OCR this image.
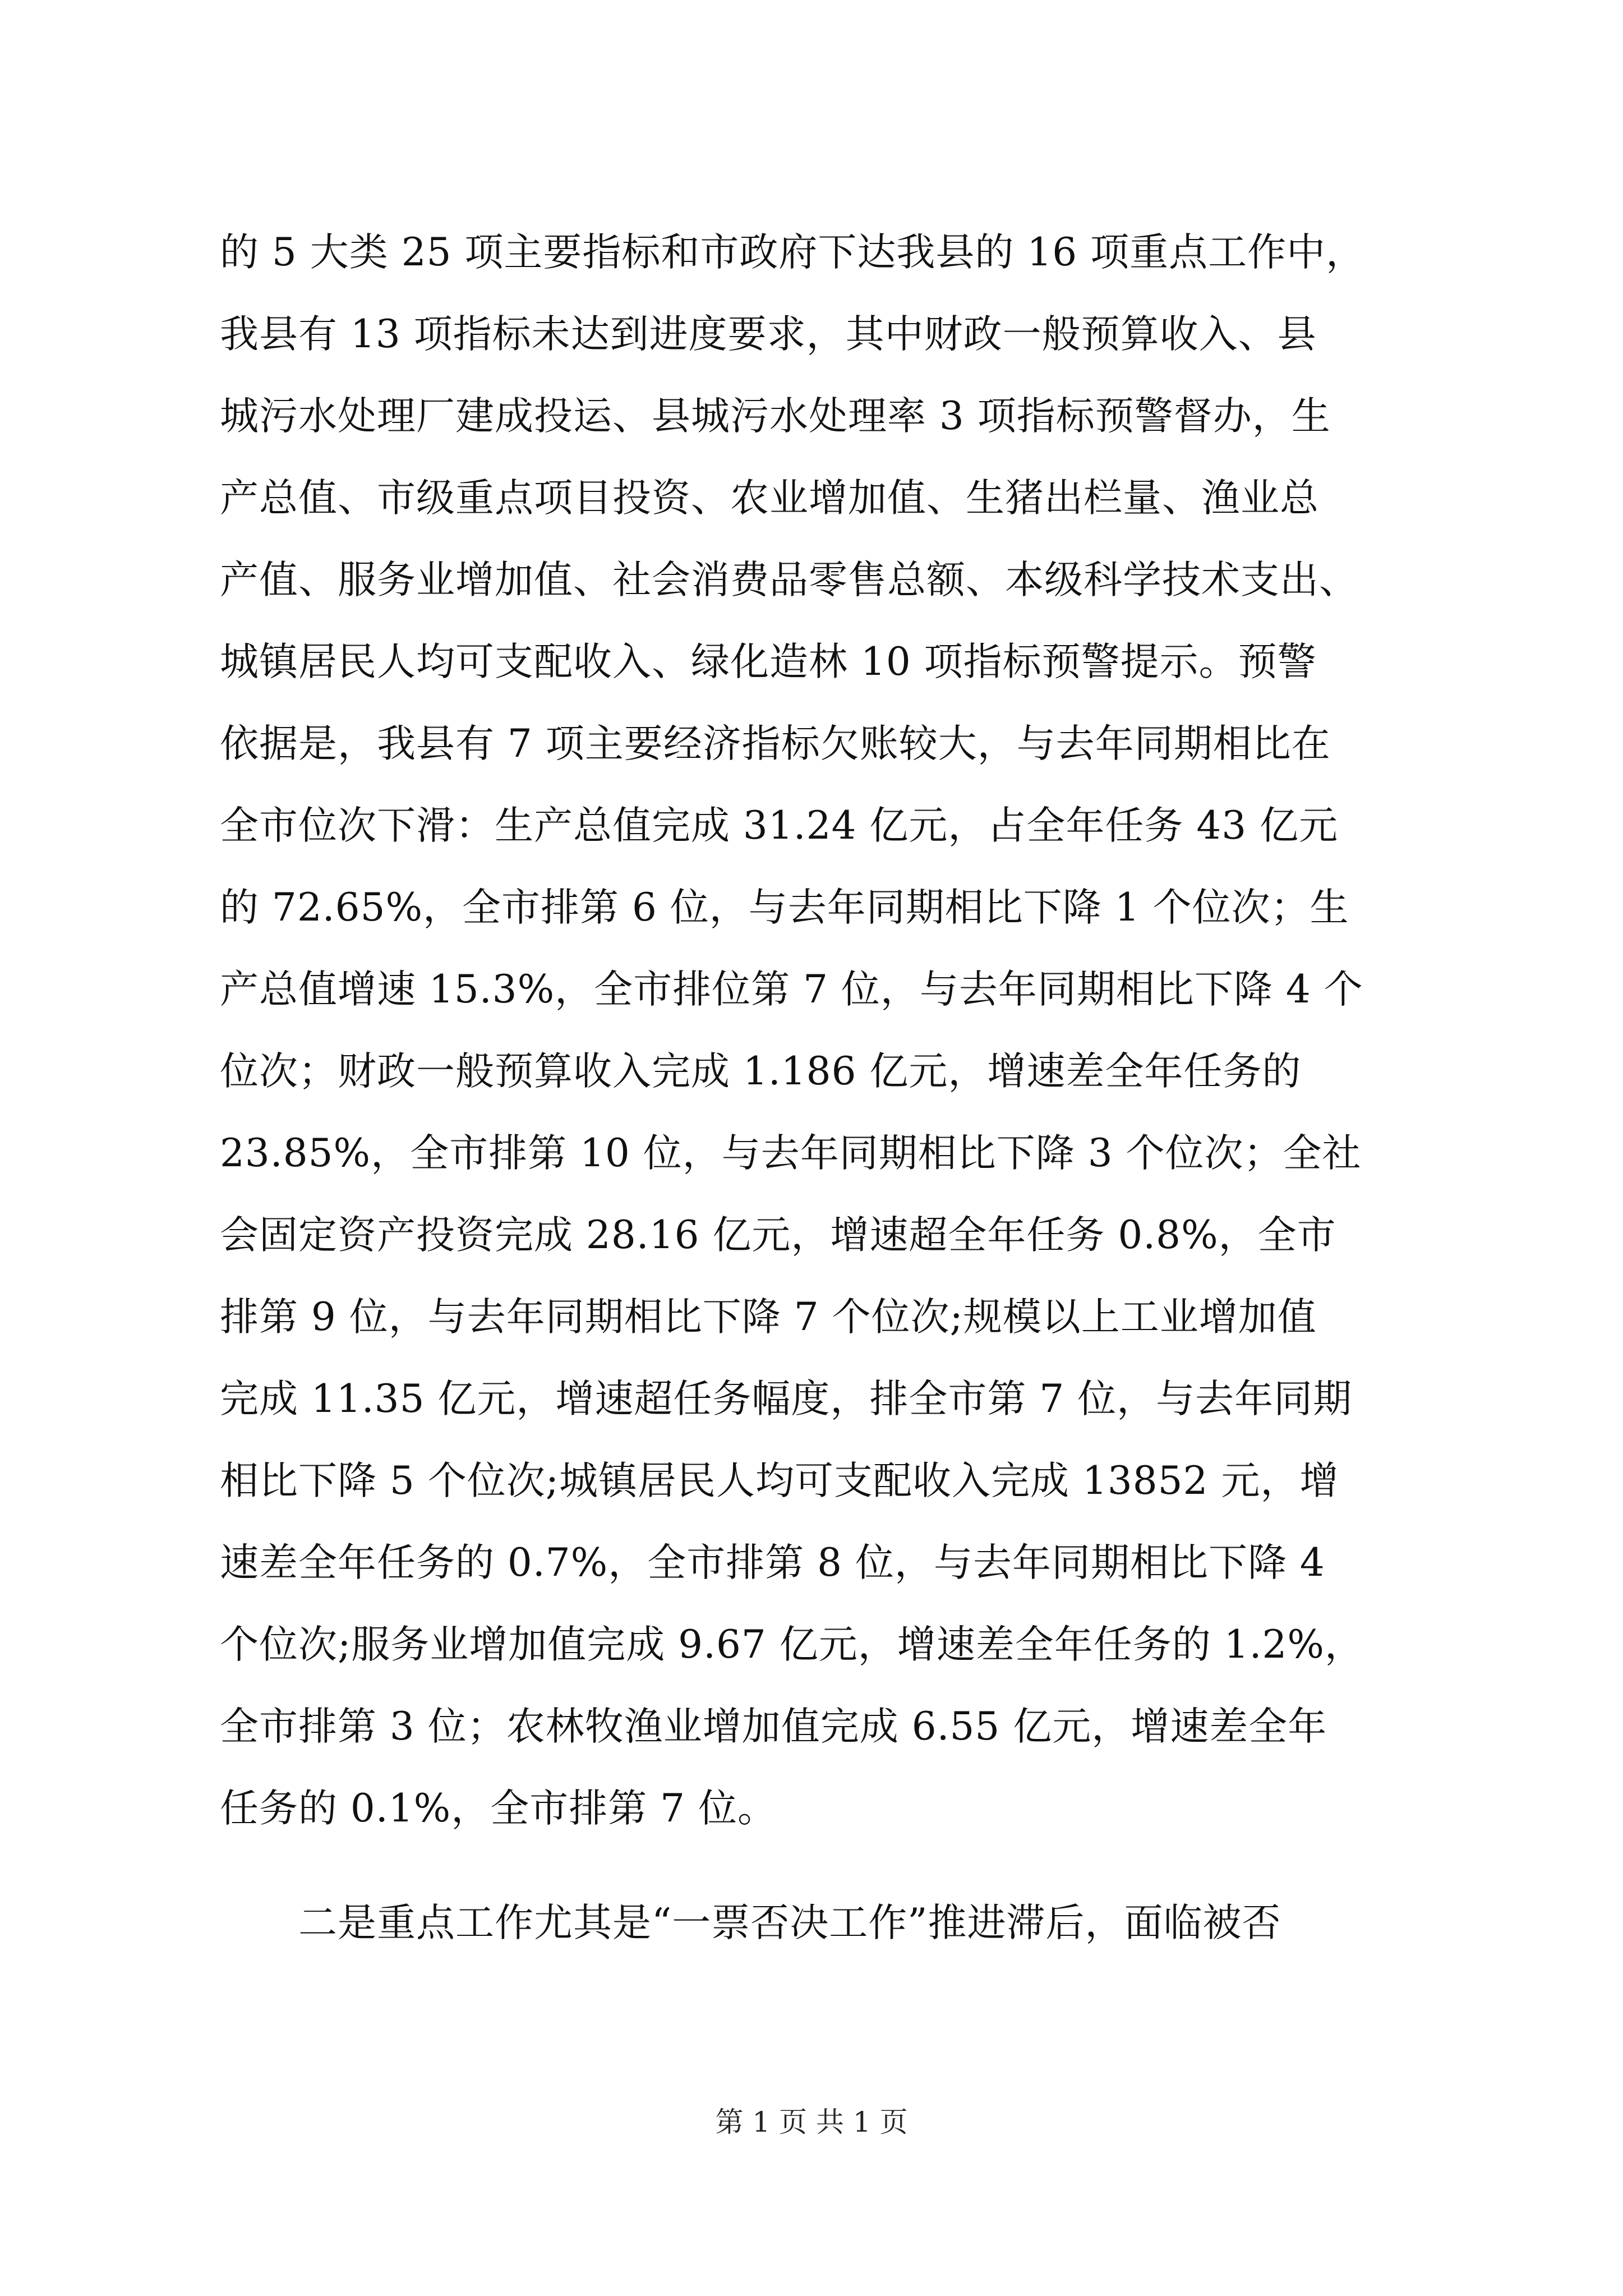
的 5 大类 25 项主要指标和市政府下达我县的 16 项重点工作中，
我县有 13 项指标未达到进度要求，其中财政一般预算收入、县
城污水处理厂建成投运、县城污水处理率 3 项指标预警督办，生
产总值、市级重点项目投资、农业增加值、生猪出栏量、渔业总
产值、服务业增加值、社会消费品零售总额、本级科学技术支出、
城镇居民人均可支配收入、绿化造林 10 项指标预警提示。预警
依据是，我县有 7 项主要经济指标欠账较大，与去年同期相比在
全市位次下滑：生产总值完成 31.24 亿元，占全年任务 43 亿元
的 72.65%，全市排第 6 位，与去年同期相比下降 1 个位次；生
产总值增速 15.3%，全市排位第 7 位，与去年同期相比下降 4 个
位次；财政一般预算收入完成 1.186 亿元，增速差全年任务的
23.85%，全市排第 10 位，与去年同期相比下降 3 个位次；全社
会固定资产投资完成 28.16 亿元，增速超全年任务 0.8%，全市
排第 9 位，与去年同期相比下降 7 个位次;规模以上工业增加值
完成 11.35 亿元，增速超任务幅度，排全市第 7 位，与去年同期
相比下降 5 个位次;城镇居民人均可支配收入完成 13852 元，增
速差全年任务的 0.7%，全市排第 8 位，与去年同期相比下降 4
个位次;服务业增加值完成 9.67 亿元，增速差全年任务的 1.2%，
全市排第 3 位；农林牧渔业增加值完成 6.55 亿元，增速差全年
任务的 0.1%，全市排第 7 位。
　　二是重点工作尤其是“一票否决工作”推进滞后，面临被否
第 1 页 共 1 页
